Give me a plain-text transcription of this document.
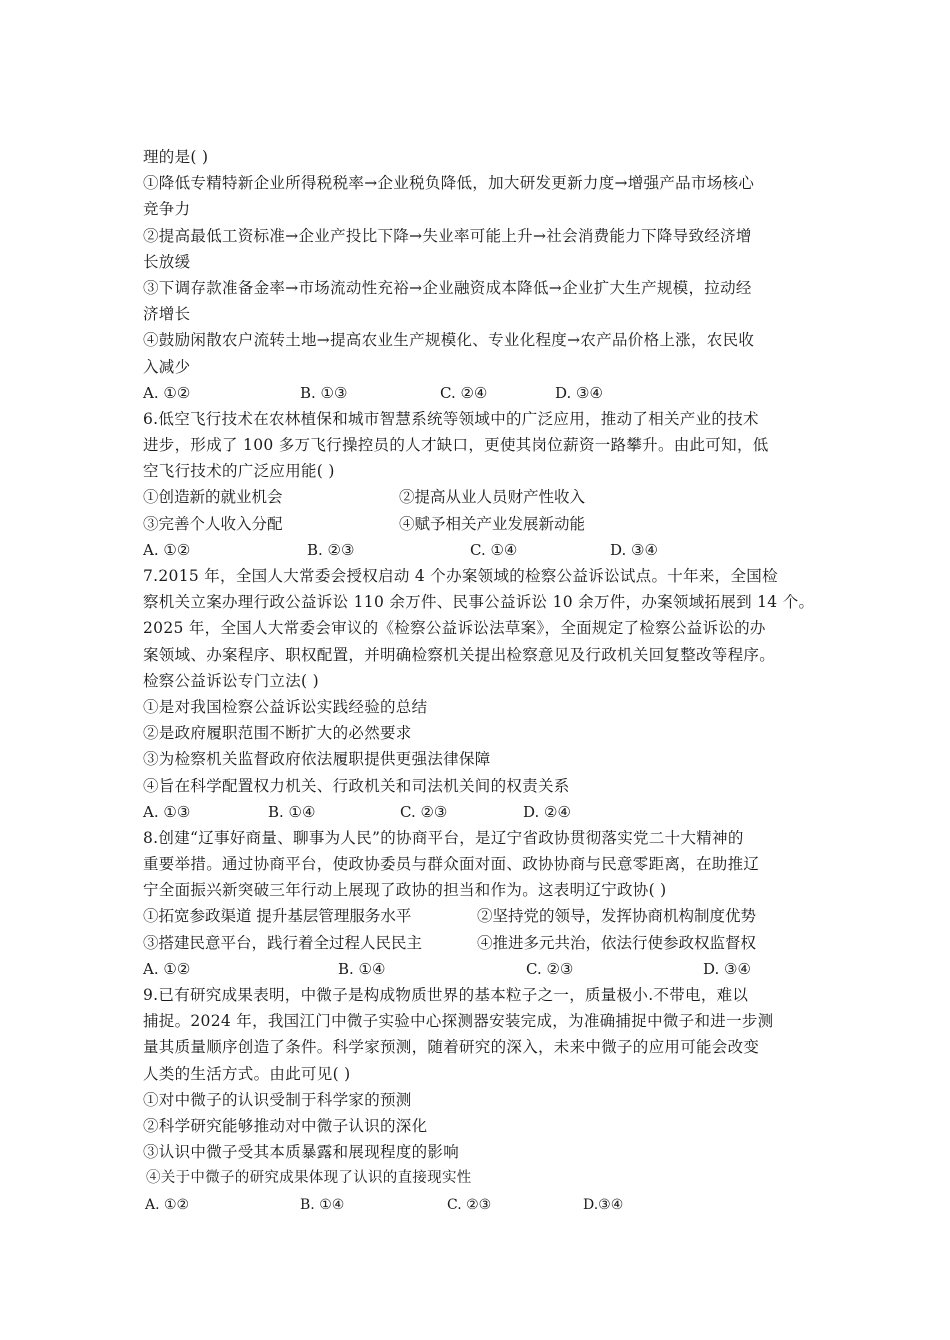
理的是( )
①降低专精特新企业所得税税率→企业税负降低，加大研发更新力度→增强产品市场核心
竞争力
②提高最低工资标准→企业产投比下降→失业率可能上升→社会消费能力下降导致经济增
长放缓
③下调存款准备金率→市场流动性充裕→企业融资成本降低→企业扩大生产规模，拉动经
济增长
④鼓励闲散农户流转土地→提高农业生产规模化、专业化程度→农产品价格上涨，农民收
入减少
A. ①②	B. ①③	C. ②④	D. ③④
6.低空飞行技术在农林植保和城市智慧系统等领域中的广泛应用，推动了相关产业的技术
进步，形成了 100 多万飞行操控员的人才缺口，更使其岗位薪资一路攀升。由此可知，低
空飞行技术的广泛应用能( )
①创造新的就业机会	②提高从业人员财产性收入
③完善个人收入分配	④赋予相关产业发展新动能
A. ①②	B. ②③	C. ①④	D. ③④
7.2015 年，全国人大常委会授权启动 4 个办案领域的检察公益诉讼试点。十年来，全国检
察机关立案办理行政公益诉讼 110 余万件、民事公益诉讼 10 余万件，办案领域拓展到 14 个。
2025 年，全国人大常委会审议的《检察公益诉讼法草案》，全面规定了检察公益诉讼的办
案领域、办案程序、职权配置，并明确检察机关提出检察意见及行政机关回复整改等程序。
检察公益诉讼专门立法( )
①是对我国检察公益诉讼实践经验的总结
②是政府履职范围不断扩大的必然要求
③为检察机关监督政府依法履职提供更强法律保障
④旨在科学配置权力机关、行政机关和司法机关间的权责关系
A. ①③	B. ①④	C. ②③	D. ②④
8.创建“辽事好商量、聊事为人民”的协商平台，是辽宁省政协贯彻落实党二十大精神的
重要举措。通过协商平台，使政协委员与群众面对面、政协协商与民意零距离，在助推辽
宁全面振兴新突破三年行动上展现了政协的担当和作为。这表明辽宁政协( )
①拓宽参政渠道 提升基层管理服务水平	②坚持党的领导，发挥协商机构制度优势
③搭建民意平台，践行着全过程人民民主	④推进多元共治，依法行使参政权监督权
A. ①②	B. ①④	C. ②③	D. ③④
9.已有研究成果表明，中微子是构成物质世界的基本粒子之一，质量极小.不带电，难以
捕捉。2024 年，我国江门中微子实验中心探测器安装完成，为准确捕捉中微子和进一步测
量其质量顺序创造了条件。科学家预测，随着研究的深入，未来中微子的应用可能会改变
人类的生活方式。由此可见( )
①对中微子的认识受制于科学家的预测
②科学研究能够推动对中微子认识的深化
③认识中微子受其本质暴露和展现程度的影响
④关于中微子的研究成果体现了认识的直接现实性
A. ①②	B. ①④	C. ②③	D.③④
